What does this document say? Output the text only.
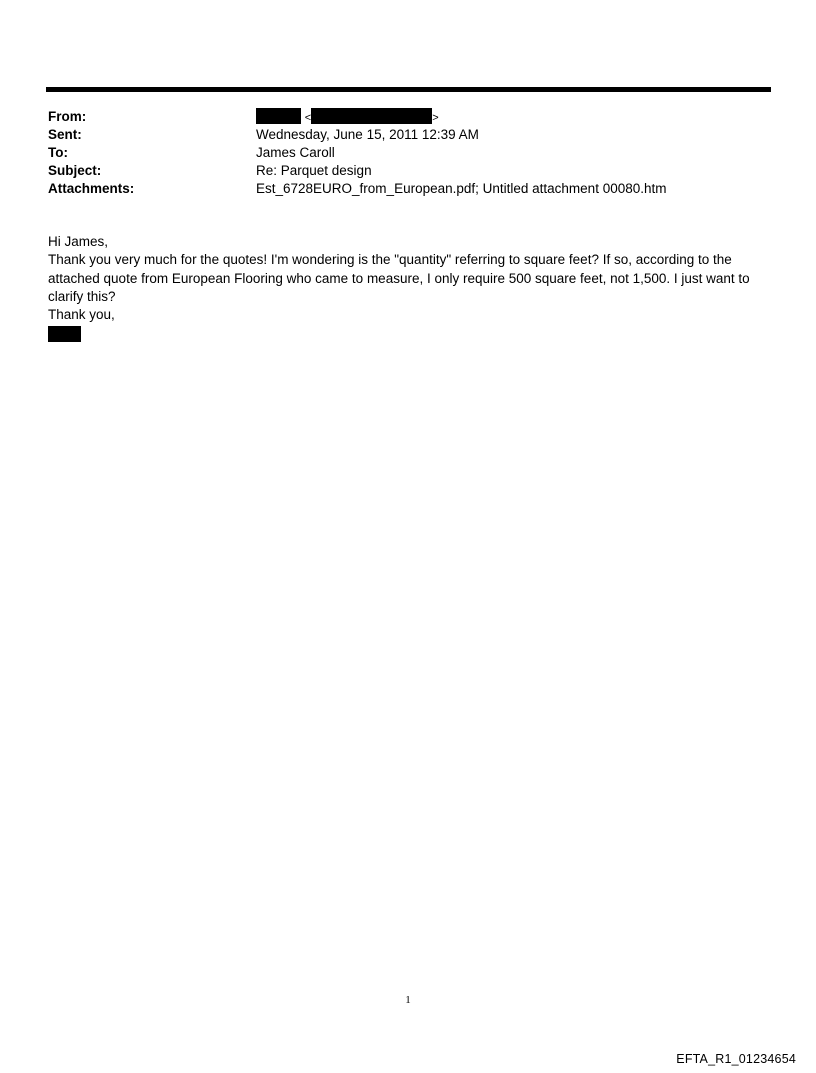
From:	<	>
Sent:	Wednesday, June 15, 2011 12:39 AM
To:	James Caroll
Subject:	Re: Parquet design
Attachments:	Est_6728EURO_from_European.pdf; Untitled attachment 00080.htm

Hi James,

Thank you very much for the quotes! I'm wondering is the "quantity" referring to square feet? If so, according to the attached quote from European Flooring who came to measure, I only require 500 square feet, not 1,500. I just want to clarify this?

Thank you,

1
EFTA_R1_01234654
